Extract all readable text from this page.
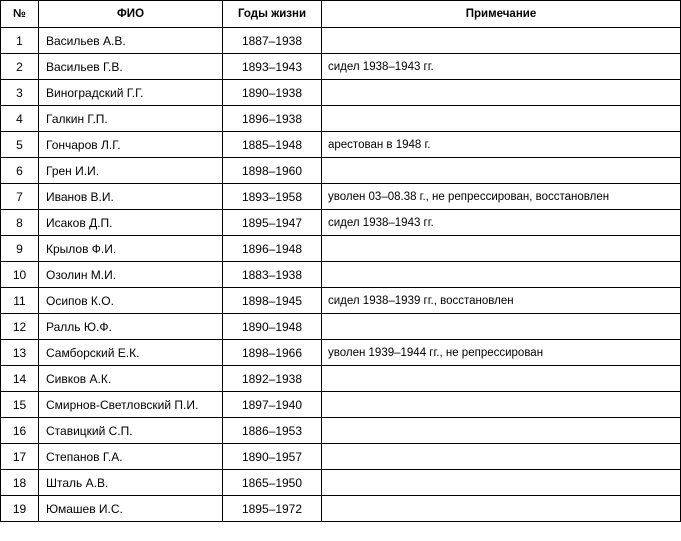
№	ФИО	Годы жизни	Примечание
1	Васильев А.В.	1887–1938	
2	Васильев Г.В.	1893–1943	сидел 1938–1943 гг.
3	Виноградский Г.Г.	1890–1938	
4	Галкин Г.П.	1896–1938	
5	Гончаров Л.Г.	1885–1948	арестован в 1948 г.
6	Грен И.И.	1898–1960	
7	Иванов В.И.	1893–1958	уволен 03–08.38 г., не репрессирован, восстановлен
8	Исаков Д.П.	1895–1947	сидел 1938–1943 гг.
9	Крылов Ф.И.	1896–1948	
10	Озолин М.И.	1883–1938	
11	Осипов К.О.	1898–1945	сидел 1938–1939 гг., восстановлен
12	Ралль Ю.Ф.	1890–1948	
13	Самборский Е.К.	1898–1966	уволен 1939–1944 гг., не репрессирован
14	Сивков А.К.	1892–1938	
15	Смирнов-Светловский П.И.	1897–1940	
16	Ставицкий С.П.	1886–1953	
17	Степанов Г.А.	1890–1957	
18	Шталь А.В.	1865–1950	
19	Юмашев И.С.	1895–1972	
